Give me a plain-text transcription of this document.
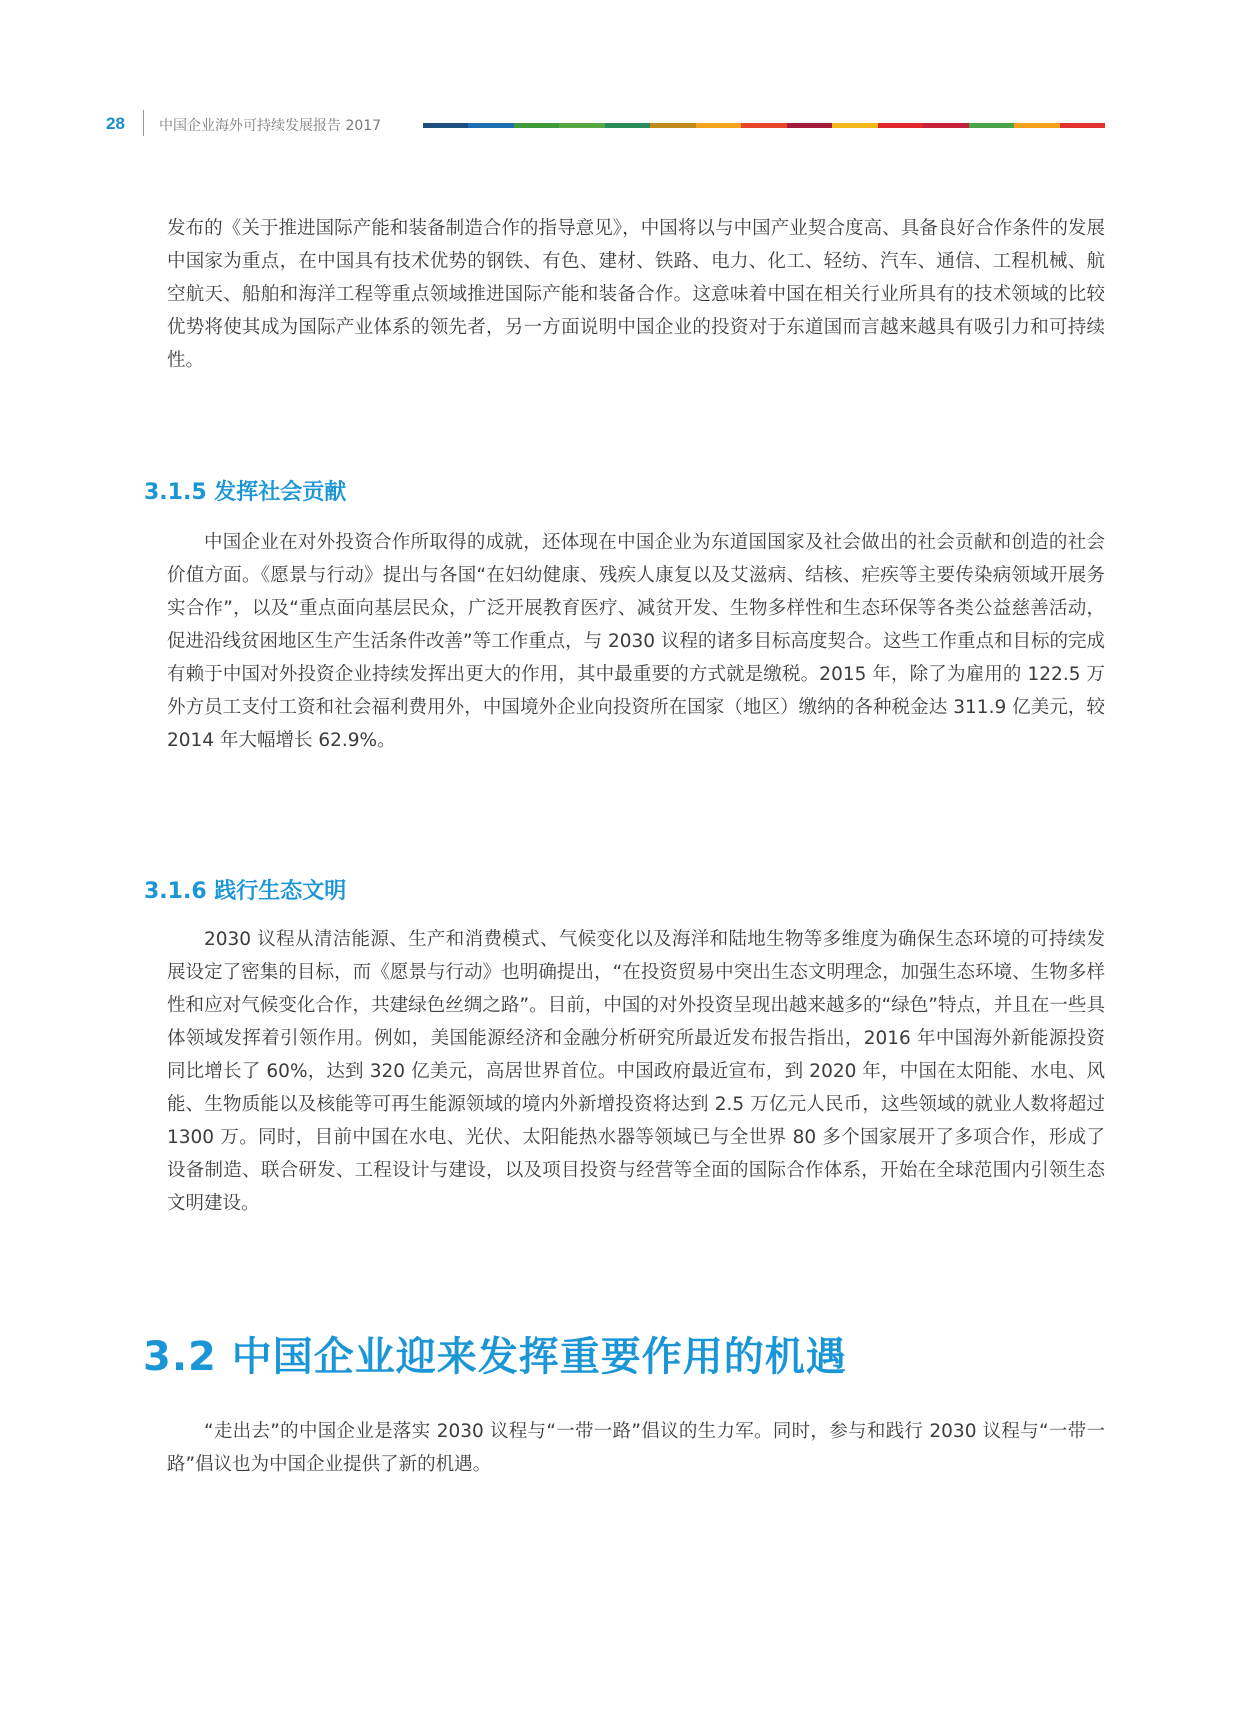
28 中国企业海外可持续发展报告 2017

发布的《关于推进国际产能和装备制造合作的指导意见》，中国将以与中国产业契合度高、具备良好合作条件的发展中国家为重点，在中国具有技术优势的钢铁、有色、建材、铁路、电力、化工、轻纺、汽车、通信、工程机械、航空航天、船舶和海洋工程等重点领域推进国际产能和装备合作。这意味着中国在相关行业所具有的技术领域的比较优势将使其成为国际产业体系的领先者，另一方面说明中国企业的投资对于东道国而言越来越具有吸引力和可持续性。

3.1.5 发挥社会贡献

中国企业在对外投资合作所取得的成就，还体现在中国企业为东道国国家及社会做出的社会贡献和创造的社会价值方面。《愿景与行动》提出与各国“在妇幼健康、残疾人康复以及艾滋病、结核、疟疾等主要传染病领域开展务实合作”，以及“重点面向基层民众，广泛开展教育医疗、减贫开发、生物多样性和生态环保等各类公益慈善活动，促进沿线贫困地区生产生活条件改善”等工作重点，与 2030 议程的诸多目标高度契合。这些工作重点和目标的完成有赖于中国对外投资企业持续发挥出更大的作用，其中最重要的方式就是缴税。2015 年，除了为雇用的 122.5 万外方员工支付工资和社会福利费用外，中国境外企业向投资所在国家（地区）缴纳的各种税金达 311.9 亿美元，较 2014 年大幅增长 62.9%。

3.1.6 践行生态文明

2030 议程从清洁能源、生产和消费模式、气候变化以及海洋和陆地生物等多维度为确保生态环境的可持续发展设定了密集的目标，而《愿景与行动》也明确提出，“在投资贸易中突出生态文明理念，加强生态环境、生物多样性和应对气候变化合作，共建绿色丝绸之路”。目前，中国的对外投资呈现出越来越多的“绿色”特点，并且在一些具体领域发挥着引领作用。例如，美国能源经济和金融分析研究所最近发布报告指出，2016 年中国海外新能源投资同比增长了 60%，达到 320 亿美元，高居世界首位。中国政府最近宣布，到 2020 年，中国在太阳能、水电、风能、生物质能以及核能等可再生能源领域的境内外新增投资将达到 2.5 万亿元人民币，这些领域的就业人数将超过 1300 万。同时，目前中国在水电、光伏、太阳能热水器等领域已与全世界 80 多个国家展开了多项合作，形成了设备制造、联合研发、工程设计与建设，以及项目投资与经营等全面的国际合作体系，开始在全球范围内引领生态文明建设。

3.2 中国企业迎来发挥重要作用的机遇

“走出去”的中国企业是落实 2030 议程与“一带一路”倡议的生力军。同时，参与和践行 2030 议程与“一带一路”倡议也为中国企业提供了新的机遇。
